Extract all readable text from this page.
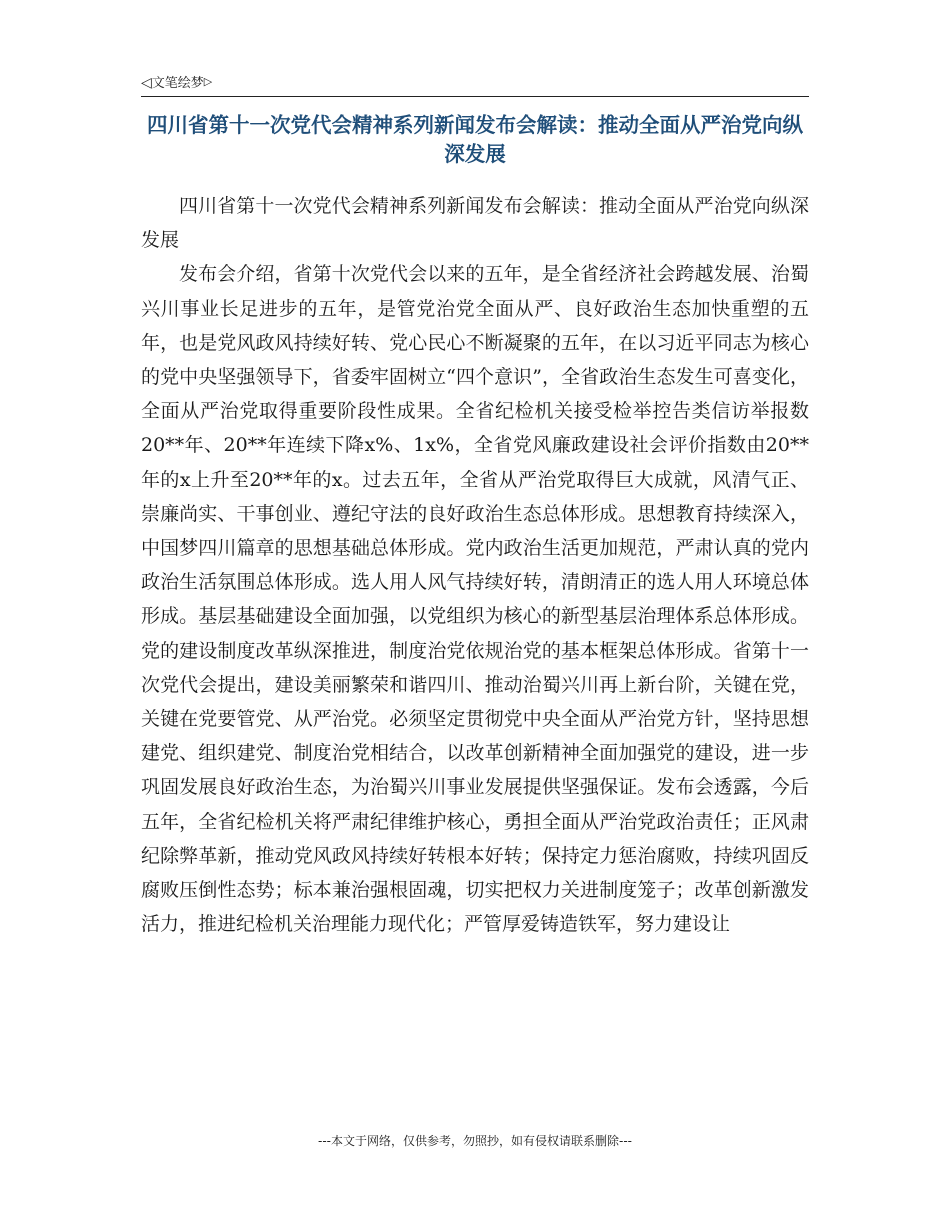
◁文笔绘梦▷
四川省第十一次党代会精神系列新闻发布会解读：推动全面从严治党向纵深发展

四川省第十一次党代会精神系列新闻发布会解读：推动全面从严治党向纵深发展

发布会介绍，省第十次党代会以来的五年，是全省经济社会跨越发展、治蜀兴川事业长足进步的五年，是管党治党全面从严、良好政治生态加快重塑的五年，也是党风政风持续好转、党心民心不断凝聚的五年，在以习近平同志为核心的党中央坚强领导下，省委牢固树立“四个意识”，全省政治生态发生可喜变化，全面从严治党取得重要阶段性成果。全省纪检机关接受检举控告类信访举报数20**年、20**年连续下降x%、1x%，全省党风廉政建设社会评价指数由20**年的x上升至20**年的x。过去五年，全省从严治党取得巨大成就，风清气正、崇廉尚实、干事创业、遵纪守法的良好政治生态总体形成。思想教育持续深入，中国梦四川篇章的思想基础总体形成。党内政治生活更加规范，严肃认真的党内政治生活氛围总体形成。选人用人风气持续好转，清朗清正的选人用人环境总体形成。基层基础建设全面加强，以党组织为核心的新型基层治理体系总体形成。党的建设制度改革纵深推进，制度治党依规治党的基本框架总体形成。省第十一次党代会提出，建设美丽繁荣和谐四川、推动治蜀兴川再上新台阶，关键在党，关键在党要管党、从严治党。必须坚定贯彻党中央全面从严治党方针，坚持思想建党、组织建党、制度治党相结合，以改革创新精神全面加强党的建设，进一步巩固发展良好政治生态，为治蜀兴川事业发展提供坚强保证。发布会透露，今后五年，全省纪检机关将严肃纪律维护核心，勇担全面从严治党政治责任；正风肃纪除弊革新，推动党风政风持续好转根本好转；保持定力惩治腐败，持续巩固反腐败压倒性态势；标本兼治强根固魂，切实把权力关进制度笼子；改革创新激发活力，推进纪检机关治理能力现代化；严管厚爱铸造铁军，努力建设让

---本文于网络，仅供参考，勿照抄，如有侵权请联系删除---
